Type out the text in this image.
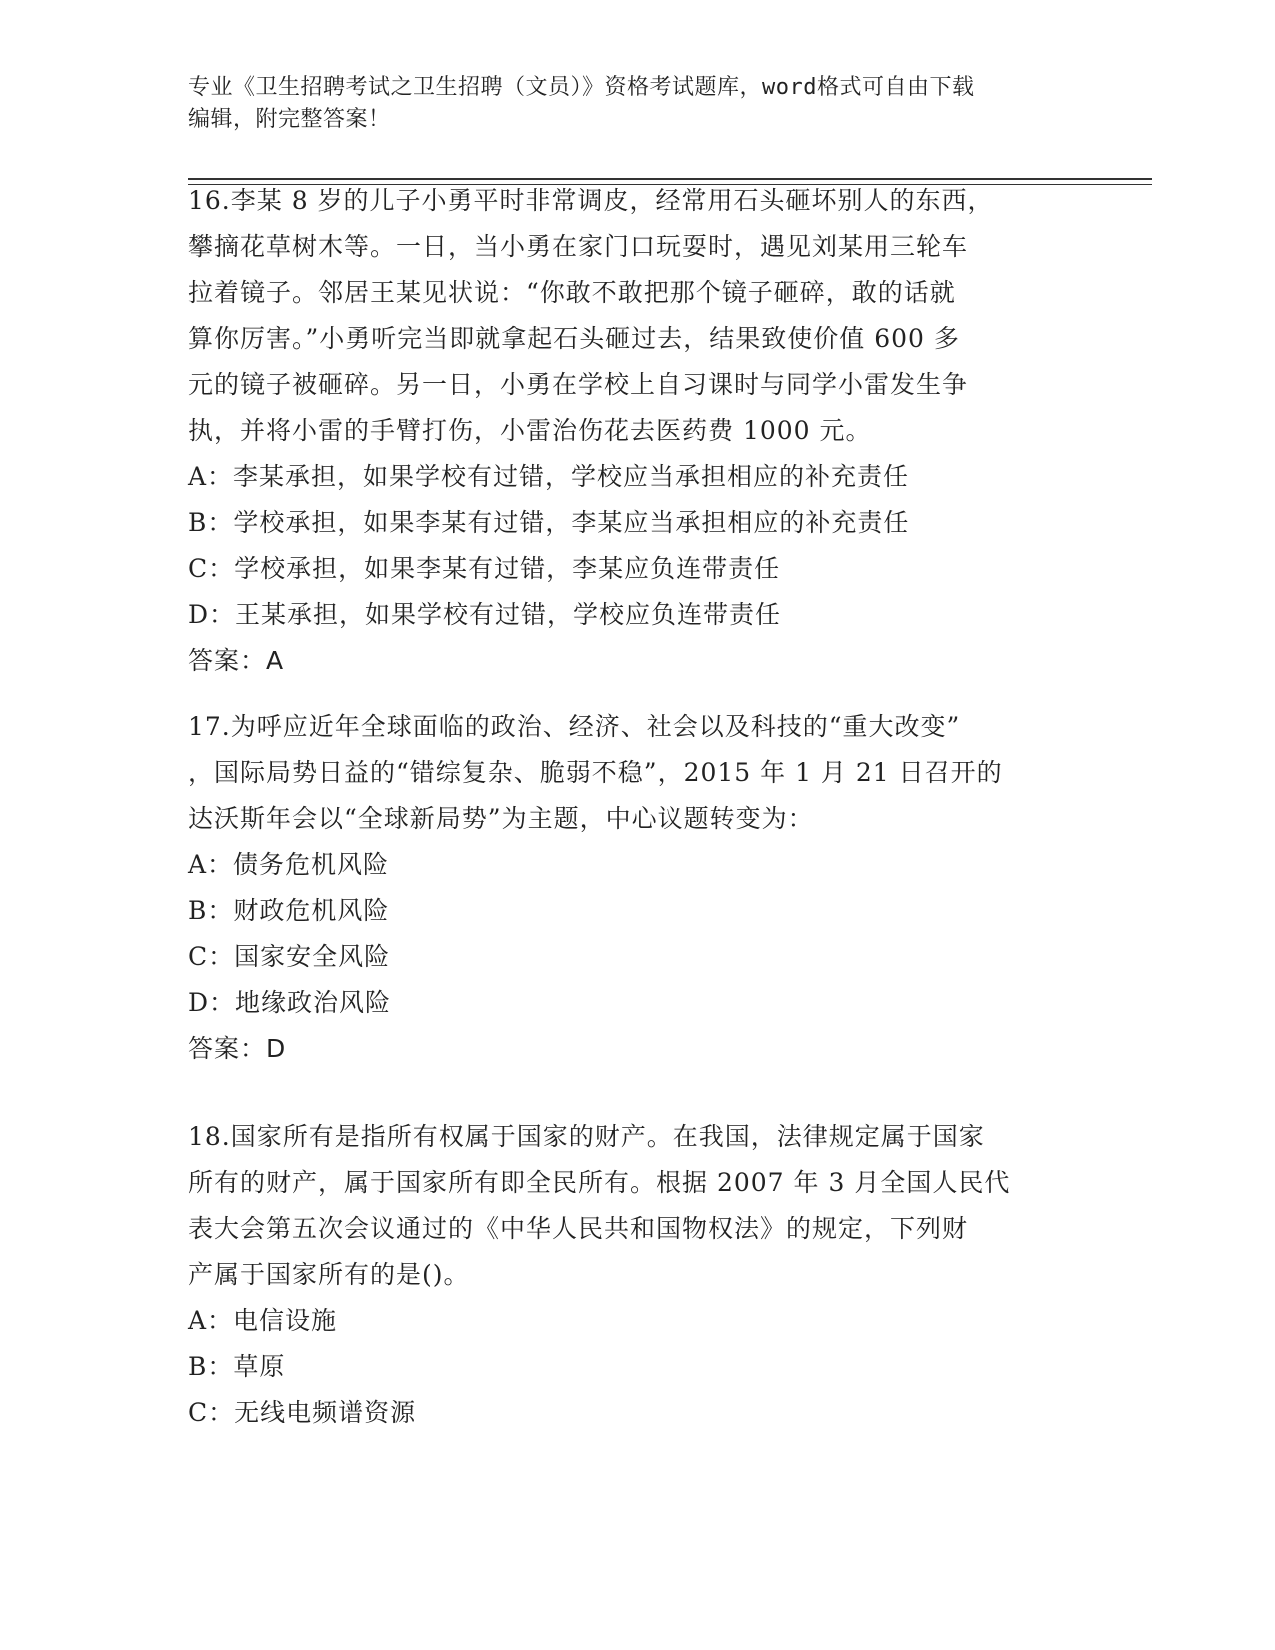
专业《卫生招聘考试之卫生招聘（文员）》资格考试题库，word格式可自由下载
编辑，附完整答案！
16.李某 8 岁的儿子小勇平时非常调皮，经常用石头砸坏别人的东西，
攀摘花草树木等。一日，当小勇在家门口玩耍时，遇见刘某用三轮车
拉着镜子。邻居王某见状说：“你敢不敢把那个镜子砸碎，敢的话就
算你厉害。”小勇听完当即就拿起石头砸过去，结果致使价值 600 多
元的镜子被砸碎。另一日，小勇在学校上自习课时与同学小雷发生争
执，并将小雷的手臂打伤，小雷治伤花去医药费 1000 元。
A：李某承担，如果学校有过错，学校应当承担相应的补充责任
B：学校承担，如果李某有过错，李某应当承担相应的补充责任
C：学校承担，如果李某有过错，李某应负连带责任
D：王某承担，如果学校有过错，学校应负连带责任
答案：A
17.为呼应近年全球面临的政治、经济、社会以及科技的“重大改变”
，国际局势日益的“错综复杂、脆弱不稳”，2015 年 1 月 21 日召开的
达沃斯年会以“全球新局势”为主题，中心议题转变为：
A：债务危机风险
B：财政危机风险
C：国家安全风险
D：地缘政治风险
答案：D
18.国家所有是指所有权属于国家的财产。在我国，法律规定属于国家
所有的财产，属于国家所有即全民所有。根据 2007 年 3 月全国人民代
表大会第五次会议通过的《中华人民共和国物权法》的规定，下列财
产属于国家所有的是()。
A：电信设施
B：草原
C：无线电频谱资源
